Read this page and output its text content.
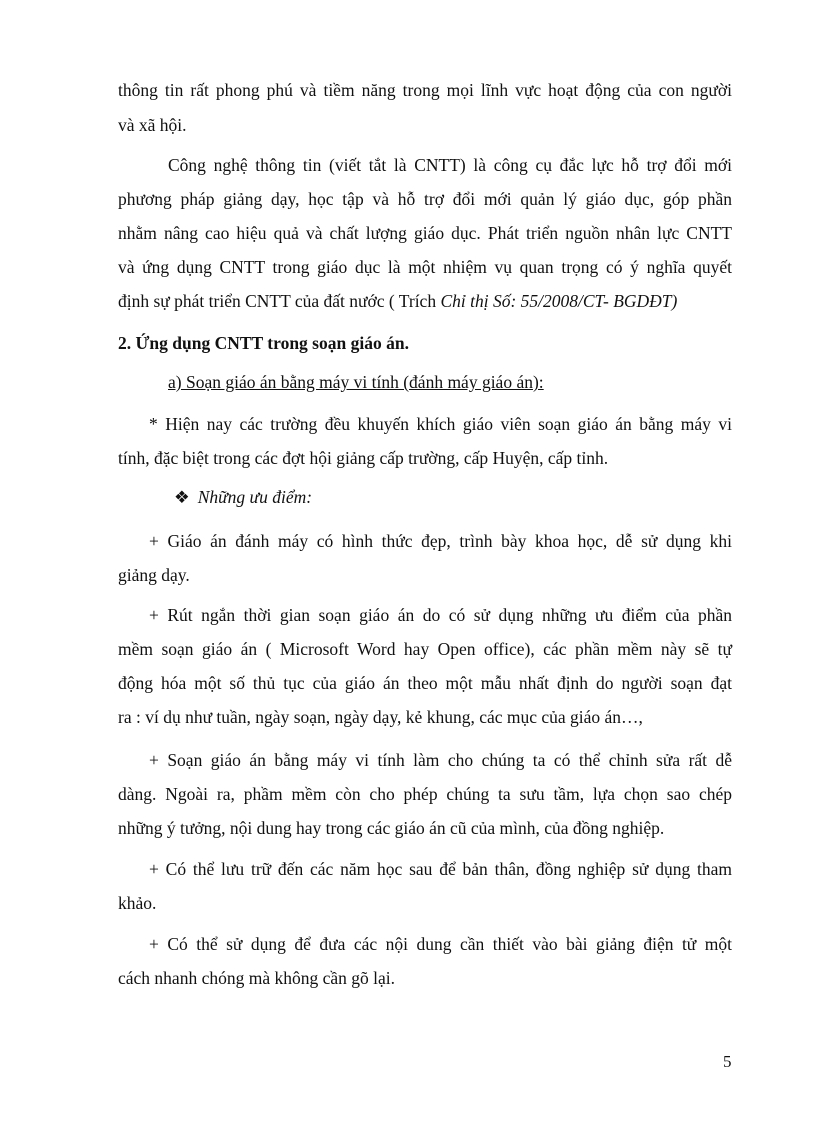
thông tin rất phong phú và tiềm năng trong mọi lĩnh vực hoạt động của con người
và xã hội.
Công nghệ thông tin (viết tắt là CNTT) là công cụ đắc lực hỗ trợ đổi mới
phương pháp giảng dạy, học tập và hỗ trợ đổi mới quản lý giáo dục, góp phần
nhằm nâng cao hiệu quả và chất lượng giáo dục. Phát triển nguồn nhân lực CNTT
và ứng dụng CNTT trong giáo dục là một nhiệm vụ quan trọng có ý nghĩa quyết
định sự phát triển CNTT của đất nước ( Trích Chỉ thị Số: 55/2008/CT- BGDĐT)
2. Ứng dụng CNTT trong soạn giáo án.
a) Soạn giáo án bằng máy vi tính (đánh máy giáo án):
* Hiện nay các trường đều khuyến khích giáo viên soạn giáo án bằng máy vi
tính, đặc biệt trong các đợt hội giảng cấp trường, cấp Huyện, cấp tỉnh.
❖ Những ưu điểm:
+ Giáo án đánh máy có hình thức đẹp, trình bày khoa học, dễ sử dụng khi
giảng dạy.
+ Rút ngắn thời gian soạn giáo án do có sử dụng những ưu điểm của phần
mềm soạn giáo án ( Microsoft Word hay Open office), các phần mềm này sẽ tự
động hóa một số thủ tục của giáo án theo một mẫu nhất định do người soạn đạt
ra : ví dụ như tuần, ngày soạn, ngày dạy, kẻ khung, các mục của giáo án…,
+ Soạn giáo án bằng máy vi tính làm cho chúng ta có thể chỉnh sửa rất dễ
dàng. Ngoài ra, phầm mềm còn cho phép chúng ta sưu tầm, lựa chọn sao chép
những ý tưởng, nội dung hay trong các giáo án cũ của mình, của đồng nghiệp.
+ Có thể lưu trữ đến các năm học sau để bản thân, đồng nghiệp sử dụng tham
khảo.
+ Có thể sử dụng để đưa các nội dung cần thiết vào bài giảng điện tử một
cách nhanh chóng mà không cần gõ lại.
5
